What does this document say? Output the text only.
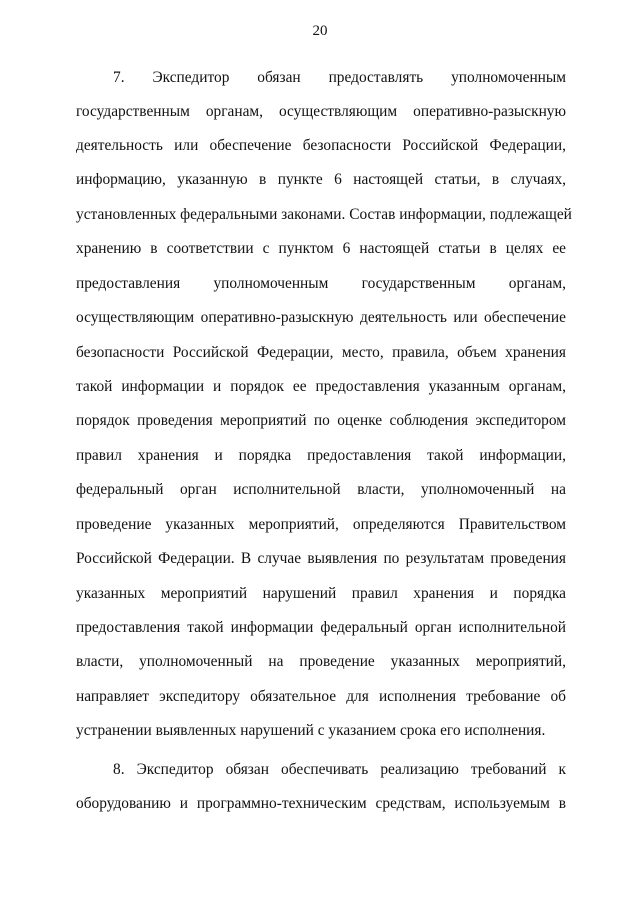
20
7. Экспедитор обязан предоставлять уполномоченным
государственным органам, осуществляющим оперативно-разыскную
деятельность или обеспечение безопасности Российской Федерации,
информацию, указанную в пункте 6 настоящей статьи, в случаях,
установленных федеральными законами. Состав информации, подлежащей
хранению в соответствии с пунктом 6 настоящей статьи в целях ее
предоставления уполномоченным государственным органам,
осуществляющим оперативно-разыскную деятельность или обеспечение
безопасности Российской Федерации, место, правила, объем хранения
такой информации и порядок ее предоставления указанным органам,
порядок проведения мероприятий по оценке соблюдения экспедитором
правил хранения и порядка предоставления такой информации,
федеральный орган исполнительной власти, уполномоченный на
проведение указанных мероприятий, определяются Правительством
Российской Федерации. В случае выявления по результатам проведения
указанных мероприятий нарушений правил хранения и порядка
предоставления такой информации федеральный орган исполнительной
власти, уполномоченный на проведение указанных мероприятий,
направляет экспедитору обязательное для исполнения требование об
устранении выявленных нарушений с указанием срока его исполнения.
8. Экспедитор обязан обеспечивать реализацию требований к
оборудованию и программно-техническим средствам, используемым в
